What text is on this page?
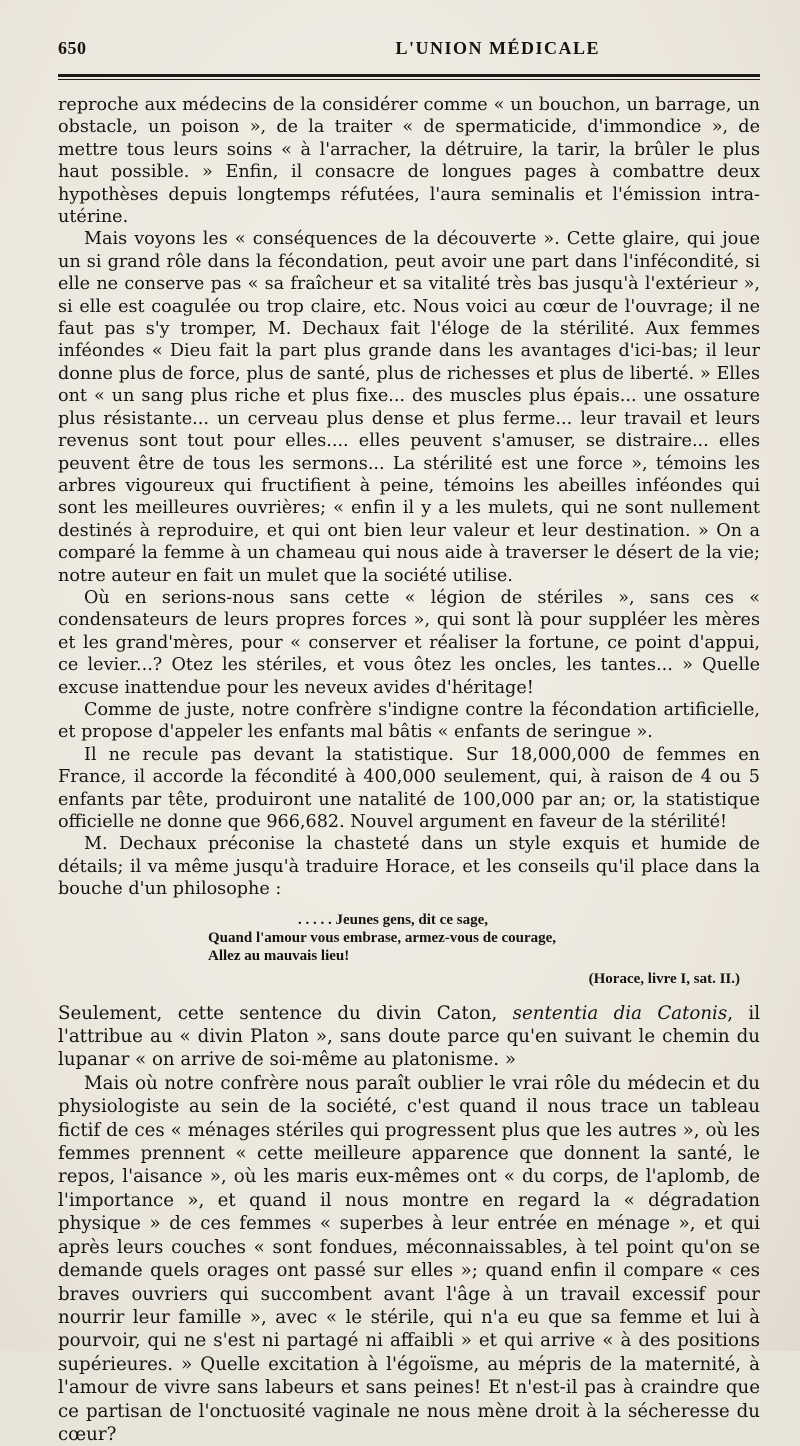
650	L'UNION MÉDICALE

reproche aux médecins de la considérer comme « un bouchon, un barrage, un obstacle, un poison », de la traiter « de spermaticide, d'immondice », de mettre tous leurs soins « à l'arracher, la détruire, la tarir, la brûler le plus haut possible. » Enfin, il consacre de longues pages à combattre deux hypothèses depuis longtemps réfutées, l'aura seminalis et l'émission intra-utérine.

Mais voyons les « conséquences de la découverte ». Cette glaire, qui joue un si grand rôle dans la fécondation, peut avoir une part dans l'infécondité, si elle ne conserve pas « sa fraîcheur et sa vitalité très bas jusqu'à l'extérieur », si elle est coagulée ou trop claire, etc. Nous voici au cœur de l'ouvrage; il ne faut pas s'y tromper, M. Dechaux fait l'éloge de la stérilité. Aux femmes inféondes « Dieu fait la part plus grande dans les avantages d'ici-bas; il leur donne plus de force, plus de santé, plus de richesses et plus de liberté. » Elles ont « un sang plus riche et plus fixe... des muscles plus épais... une ossature plus résistante... un cerveau plus dense et plus ferme... leur travail et leurs revenus sont tout pour elles.... elles peuvent s'amuser, se distraire... elles peuvent être de tous les sermons... La stérilité est une force », témoins les arbres vigoureux qui fructifient à peine, témoins les abeilles inféondes qui sont les meilleures ouvrières; « enfin il y a les mulets, qui ne sont nullement destinés à reproduire, et qui ont bien leur valeur et leur destination. » On a comparé la femme à un chameau qui nous aide à traverser le désert de la vie; notre auteur en fait un mulet que la société utilise.

Où en serions-nous sans cette « légion de stériles », sans ces « condensateurs de leurs propres forces », qui sont là pour suppléer les mères et les grand'mères, pour « conserver et réaliser la fortune, ce point d'appui, ce levier...? Otez les stériles, et vous ôtez les oncles, les tantes... » Quelle excuse inattendue pour les neveux avides d'héritage!

Comme de juste, notre confrère s'indigne contre la fécondation artificielle, et propose d'appeler les enfants mal bâtis « enfants de seringue ».

Il ne recule pas devant la statistique. Sur 18,000,000 de femmes en France, il accorde la fécondité à 400,000 seulement, qui, à raison de 4 ou 5 enfants par tête, produiront une natalité de 100,000 par an; or, la statistique officielle ne donne que 966,682. Nouvel argument en faveur de la stérilité!

M. Dechaux préconise la chasteté dans un style exquis et humide de détails; il va même jusqu'à traduire Horace, et les conseils qu'il place dans la bouche d'un philosophe :

. . . . . Jeunes gens, dit ce sage,
Quand l'amour vous embrase, armez-vous de courage,
Allez au mauvais lieu!
(Horace, livre I, sat. II.)

Seulement, cette sentence du divin Caton, sententia dia Catonis, il l'attribue au « divin Platon », sans doute parce qu'en suivant le chemin du lupanar « on arrive de soi-même au platonisme. »

Mais où notre confrère nous paraît oublier le vrai rôle du médecin et du physiologiste au sein de la société, c'est quand il nous trace un tableau fictif de ces « ménages stériles qui progressent plus que les autres », où les femmes prennent « cette meilleure apparence que donnent la santé, le repos, l'aisance », où les maris eux-mêmes ont « du corps, de l'aplomb, de l'importance », et quand il nous montre en regard la « dégradation physique » de ces femmes « superbes à leur entrée en ménage », et qui après leurs couches « sont fondues, méconnaissables, à tel point qu'on se demande quels orages ont passé sur elles »; quand enfin il compare « ces braves ouvriers qui succombent avant l'âge à un travail excessif pour nourrir leur famille », avec « le stérile, qui n'a eu que sa femme et lui à pourvoir, qui ne s'est ni partagé ni affaibli » et qui arrive « à des positions supérieures. » Quelle excitation à l'égoïsme, au mépris de la maternité, à l'amour de vivre sans labeurs et sans peines! Et n'est-il pas à craindre que ce partisan de l'onctuosité vaginale ne nous mène droit à la sécheresse du cœur?
